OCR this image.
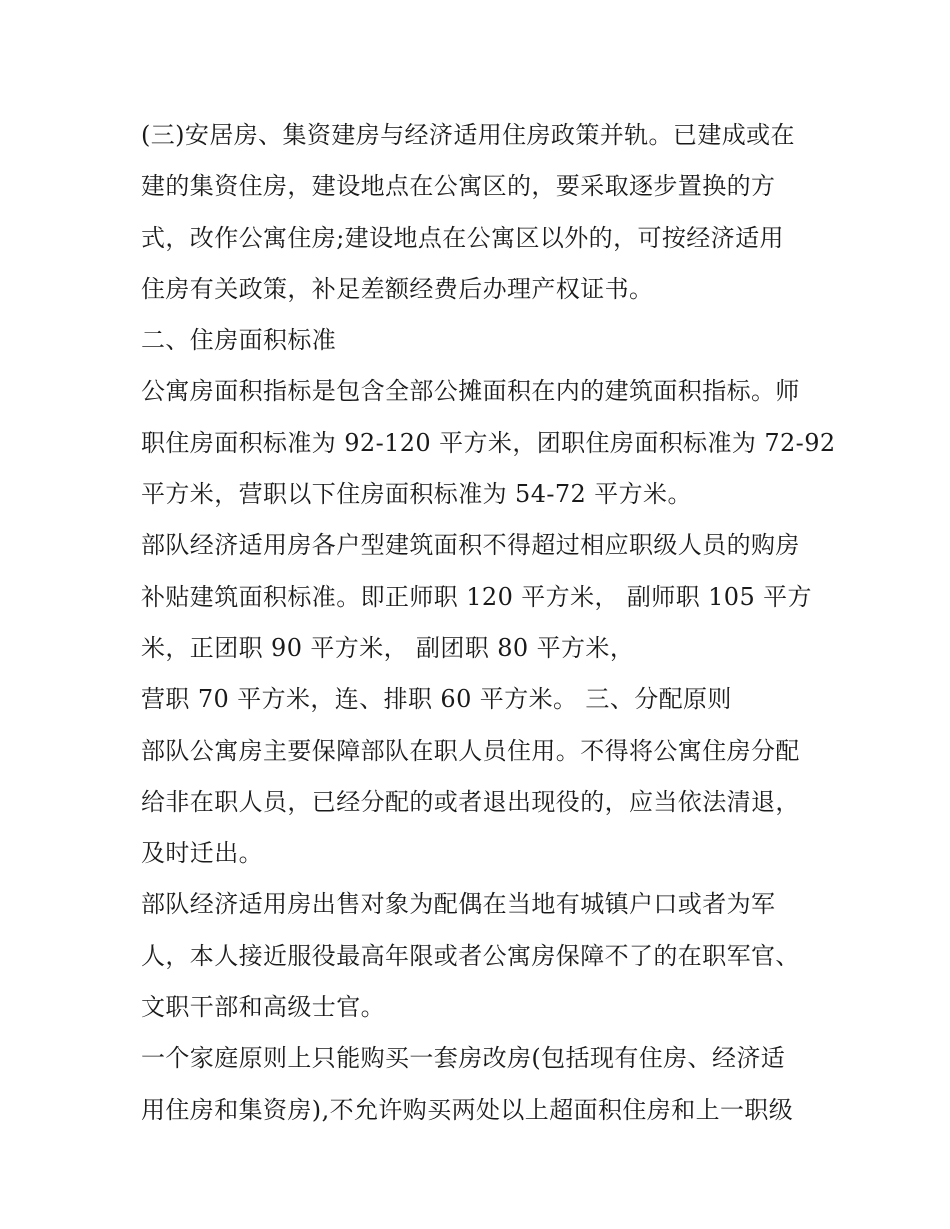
(三)安居房、集资建房与经济适用住房政策并轨。已建成或在
建的集资住房，建设地点在公寓区的，要采取逐步置换的方
式，改作公寓住房;建设地点在公寓区以外的，可按经济适用
住房有关政策，补足差额经费后办理产权证书。
二、住房面积标准
公寓房面积指标是包含全部公摊面积在内的建筑面积指标。师
职住房面积标准为 92-120 平方米，团职住房面积标准为 72-92
平方米，营职以下住房面积标准为 54-72 平方米。
部队经济适用房各户型建筑面积不得超过相应职级人员的购房
补贴建筑面积标准。即正师职 120 平方米， 副师职 105 平方
米，正团职 90 平方米， 副团职 80 平方米，
营职 70 平方米，连、排职 60 平方米。 三、分配原则
部队公寓房主要保障部队在职人员住用。不得将公寓住房分配
给非在职人员，已经分配的或者退出现役的，应当依法清退，
及时迁出。
部队经济适用房出售对象为配偶在当地有城镇户口或者为军
人，本人接近服役最高年限或者公寓房保障不了的在职军官、
文职干部和高级士官。
一个家庭原则上只能购买一套房改房(包括现有住房、经济适
用住房和集资房),不允许购买两处以上超面积住房和上一职级
